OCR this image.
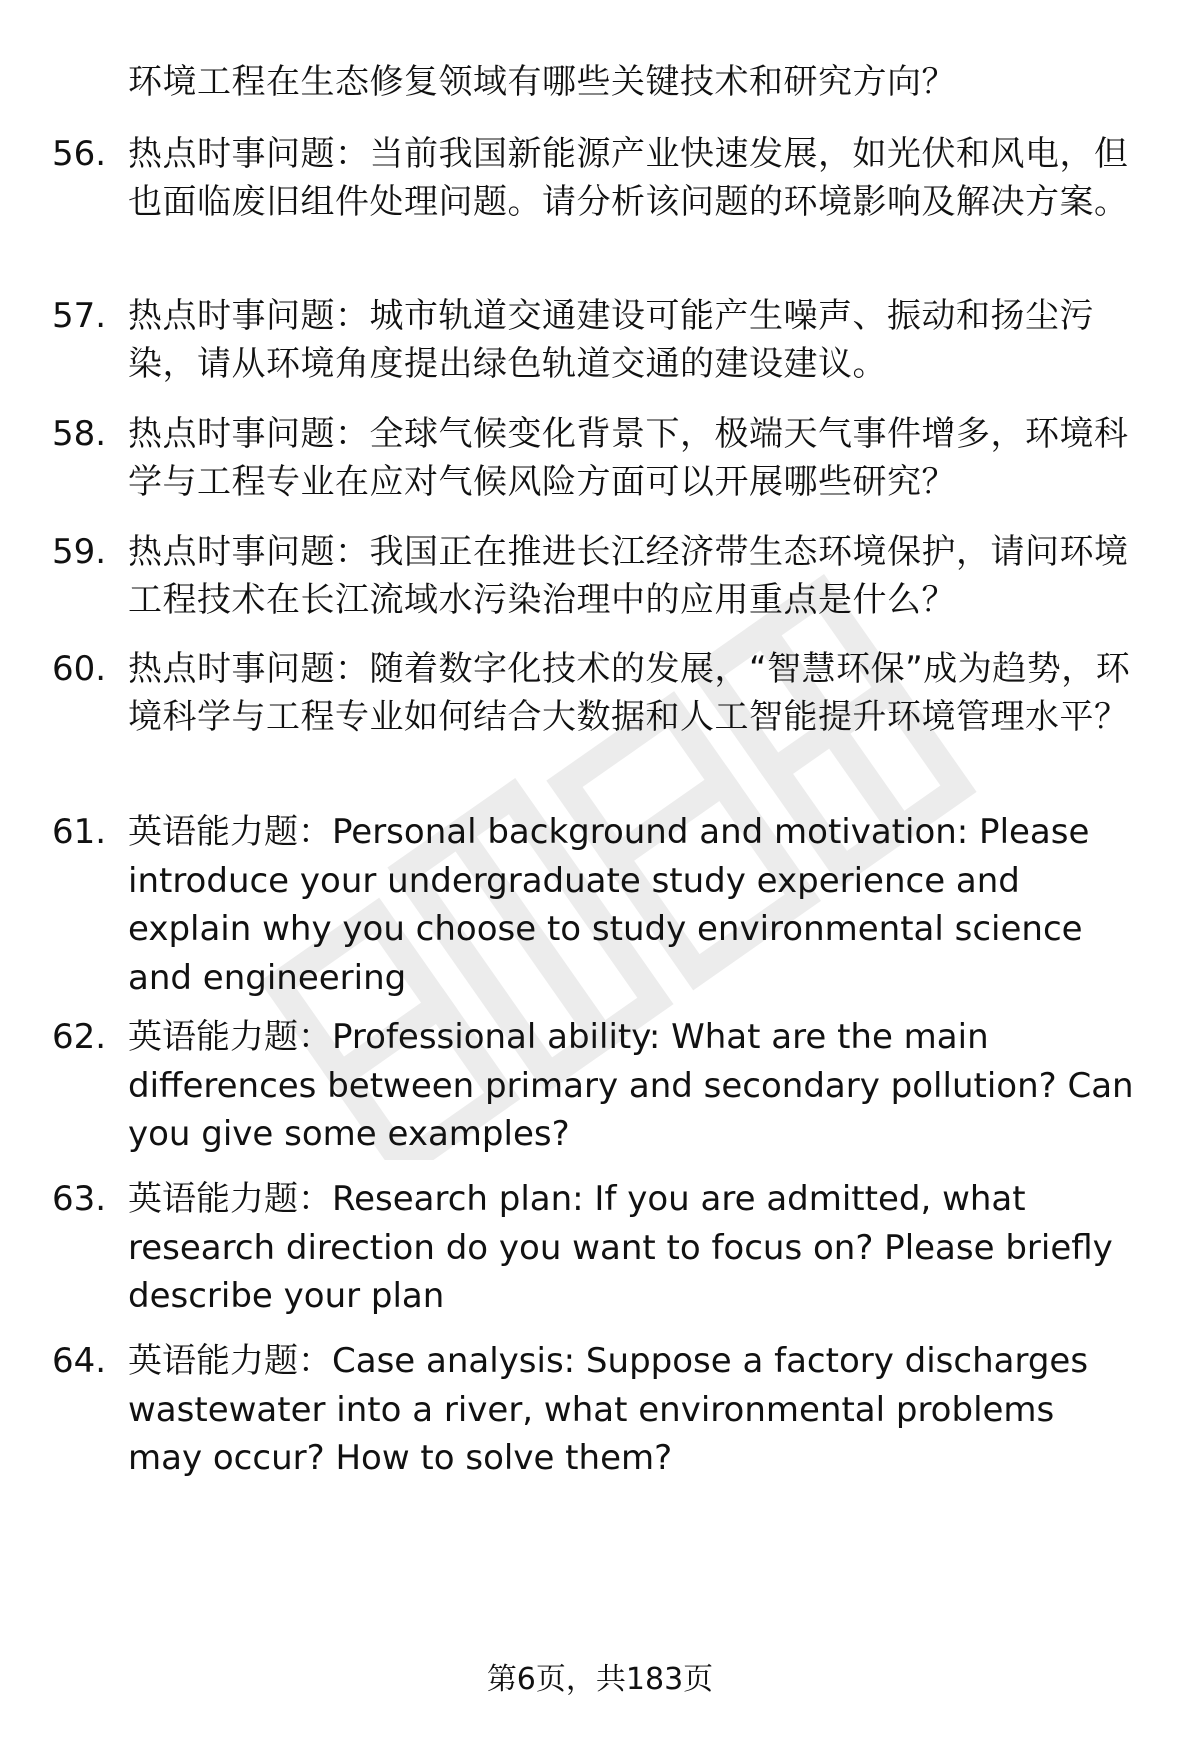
环境工程在生态修复领域有哪些关键技术和研究方向？
56. 热点时事问题：当前我国新能源产业快速发展，如光伏和风电，但也面临废旧组件处理问题。请分析该问题的环境影响及解决方案。
57. 热点时事问题：城市轨道交通建设可能产生噪声、振动和扬尘污染，请从环境角度提出绿色轨道交通的建设建议。
58. 热点时事问题：全球气候变化背景下，极端天气事件增多，环境科学与工程专业在应对气候风险方面可以开展哪些研究？
59. 热点时事问题：我国正在推进长江经济带生态环境保护，请问环境工程技术在长江流域水污染治理中的应用重点是什么？
60. 热点时事问题：随着数字化技术的发展，“智慧环保”成为趋势，环境科学与工程专业如何结合大数据和人工智能提升环境管理水平？
61. 英语能力题：Personal background and motivation: Please introduce your undergraduate study experience and explain why you choose to study environmental science and engineering
62. 英语能力题：Professional ability: What are the main differences between primary and secondary pollution? Can you give some examples?
63. 英语能力题：Research plan: If you are admitted, what research direction do you want to focus on? Please briefly describe your plan
64. 英语能力题：Case analysis: Suppose a factory discharges wastewater into a river, what environmental problems may occur? How to solve them?
第6页，共183页
